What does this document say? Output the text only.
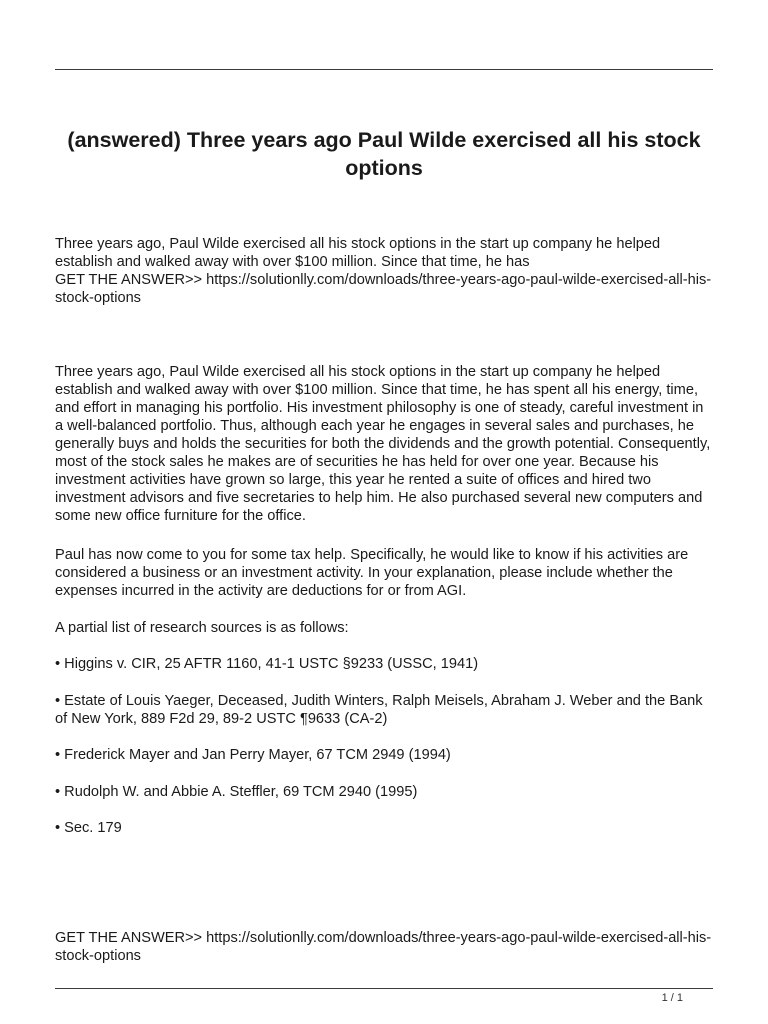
(answered) Three years ago Paul Wilde exercised all his stock options

Three years ago, Paul Wilde exercised all his stock options in the start up company he helped establish and walked away with over $100 million. Since that time, he has

GET THE ANSWER>> https://solutionlly.com/downloads/three-years-ago-paul-wilde-exercised-all-his-stock-options

Three years ago, Paul Wilde exercised all his stock options in the start up company he helped establish and walked away with over $100 million. Since that time, he has spent all his energy, time, and effort in managing his portfolio. His investment philosophy is one of steady, careful investment in a well-balanced portfolio. Thus, although each year he engages in several sales and purchases, he generally buys and holds the securities for both the dividends and the growth potential. Consequently, most of the stock sales he makes are of securities he has held for over one year. Because his investment activities have grown so large, this year he rented a suite of offices and hired two investment advisors and five secretaries to help him. He also purchased several new computers and some new office furniture for the office.

Paul has now come to you for some tax help. Specifically, he would like to know if his activities are considered a business or an investment activity. In your explanation, please include whether the expenses incurred in the activity are deductions for or from AGI.

A partial list of research sources is as follows:

• Higgins v. CIR, 25 AFTR 1160, 41-1 USTC §9233 (USSC, 1941)

• Estate of Louis Yaeger, Deceased, Judith Winters, Ralph Meisels, Abraham J. Weber and the Bank of New York, 889 F2d 29, 89-2 USTC ¶9633 (CA-2)

• Frederick Mayer and Jan Perry Mayer, 67 TCM 2949 (1994)

• Rudolph W. and Abbie A. Steffler, 69 TCM 2940 (1995)

• Sec. 179

GET THE ANSWER>> https://solutionlly.com/downloads/three-years-ago-paul-wilde-exercised-all-his-stock-options

1 / 1
